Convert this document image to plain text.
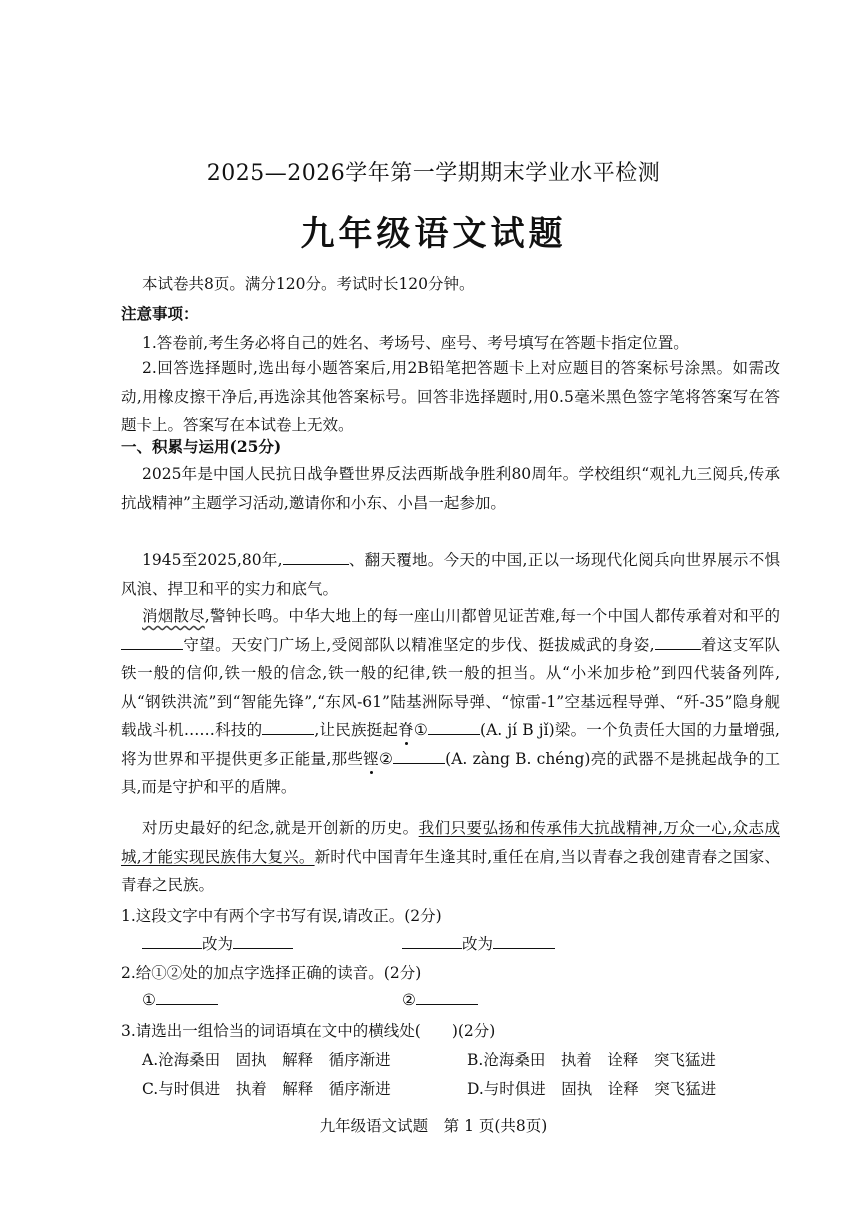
2025—2026学年第一学期期末学业水平检测
九年级语文试题
本试卷共8页。满分120分。考试时长120分钟。
注意事项：
1.答卷前,考生务必将自己的姓名、考场号、座号、考号填写在答题卡指定位置。

2.回答选择题时,选出每小题答案后,用2B铅笔把答题卡上对应题目的答案标号涂黑。如需改动,用橡皮擦干净后,再选涂其他答案标号。回答非选择题时,用0.5毫米黑色签字笔将答案写在答题卡上。答案写在本试卷上无效。

一、积累与运用(25分)

2025年是中国人民抗日战争暨世界反法西斯战争胜利80周年。学校组织“观礼九三阅兵,传承抗战精神”主题学习活动,邀请你和小东、小昌一起参加。

1945至2025,80年,	、翻天覆地。今天的中国,正以一场现代化阅兵向世界展示不惧风浪、捍卫和平的实力和底气。

消烟散尽,警钟长鸣。中华大地上的每一座山川都曾见证苦难,每一个中国人都传承着对和平的守望。天安门广场上,受阅部队以精准坚定的步伐、挺拔威武的身姿,	着这支军队铁一般的信仰,铁一般的信念,铁一般的纪律,铁一般的担当。从“小米加步枪”到四代装备列阵,从“钢铁洪流”到“智能先锋”,“东风-61”陆基洲际导弹、“惊雷-1”空基远程导弹、“歼-35”隐身舰载战斗机……科技的	,让民族挺起脊①	(A. jí B jǐ)梁。一个负责任大国的力量增强,将为世界和平提供更多正能量,那些铿②	(A. zàng B. chéng)亮的武器不是挑起战争的工具,而是守护和平的盾牌。

对历史最好的纪念,就是开创新的历史。我们只要弘扬和传承伟大抗战精神,万众一心,众志成城,才能实现民族伟大复兴。新时代中国青年生逢其时,重任在肩,当以青春之我创建青春之国家、青春之民族。

1.这段文字中有两个字书写有误,请改正。(2分)
改为	改为
2.给①②处的加点字选择正确的读音。(2分)
①	②
3.请选出一组恰当的词语填在文中的横线处(　　)(2分)
A.沧海桑田　固执　解释　循序渐进	B.沧海桑田　执着　诠释　突飞猛进
C.与时俱进　执着　解释　循序渐进	D.与时俱进　固执　诠释　突飞猛进
九年级语文试题　第 1 页(共8页)
